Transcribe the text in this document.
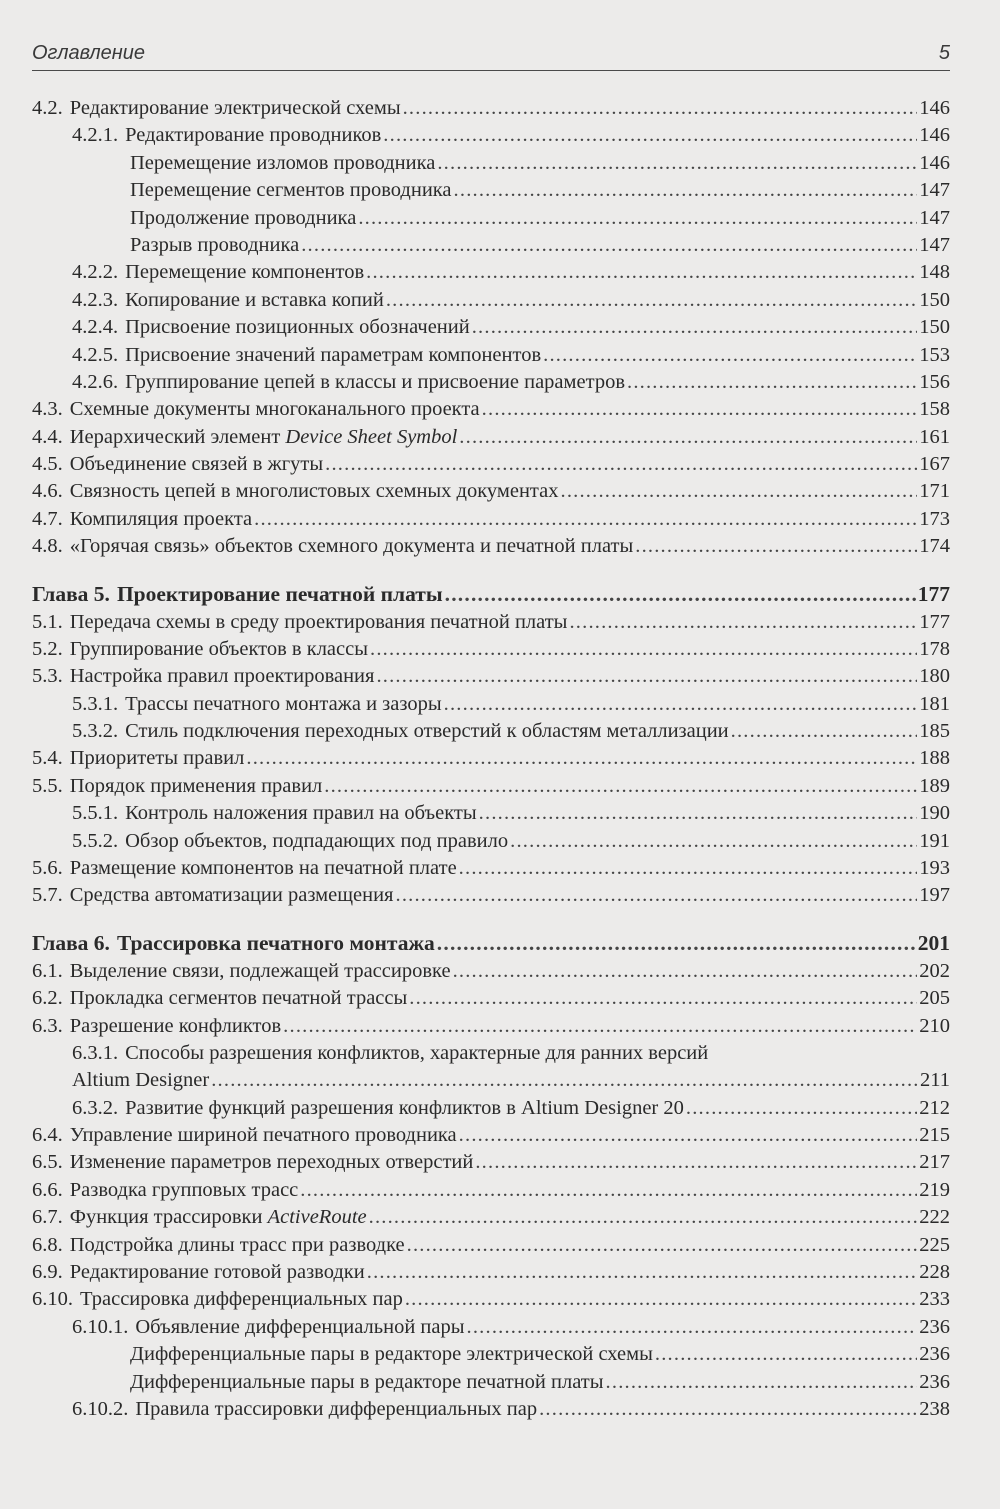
Оглавление	5
4.2. Редактирование электрической схемы .....	146
4.2.1. Редактирование проводников .....	146
Перемещение изломов проводника .....	146
Перемещение сегментов проводника .....	147
Продолжение проводника .....	147
Разрыв проводника .....	147
4.2.2. Перемещение компонентов .....	148
4.2.3. Копирование и вставка копий .....	150
4.2.4. Присвоение позиционных обозначений .....	150
4.2.5. Присвоение значений параметрам компонентов .....	153
4.2.6. Группирование цепей в классы и присвоение параметров .....	156
4.3. Схемные документы многоканального проекта .....	158
4.4. Иерархический элемент
Device Sheet Symbol .....	161
4.5. Объединение связей в жгуты .....	167
4.6. Связность цепей в многолистовых схемных документах .....	171
4.7. Компиляция проекта .....	173
4.8. «Горячая связь» объектов схемного документа и печатной платы .....	174
Глава 5. Проектирование печатной платы .....	177
5.1. Передача схемы в среду проектирования печатной платы .....	177
5.2. Группирование объектов в классы .....	178
5.3. Настройка правил проектирования .....	180
5.3.1. Трассы печатного монтажа и зазоры .....	181
5.3.2. Стиль подключения переходных отверстий к областям металлизации .....	185
5.4. Приоритеты правил .....	188
5.5. Порядок применения правил .....	189
5.5.1. Контроль наложения правил на объекты .....	190
5.5.2. Обзор объектов, подпадающих под правило .....	191
5.6. Размещение компонентов на печатной плате .....	193
5.7. Средства автоматизации размещения .....	197
Глава 6. Трассировка печатного монтажа .....	201
6.1. Выделение связи, подлежащей трассировке .....	202
6.2. Прокладка сегментов печатной трассы .....	205
6.3. Разрешение конфликтов .....	210
6.3.1. Способы разрешения конфликтов, характерные для ранних версий
Altium Designer .....	211
6.3.2. Развитие функций разрешения конфликтов в Altium Designer 20 .....	212
6.4. Управление шириной печатного проводника .....	215
6.5. Изменение параметров переходных отверстий .....	217
6.6. Разводка групповых трасс .....	219
6.7. Функция трассировки
ActiveRoute .....	222
6.8. Подстройка длины трасс при разводке .....	225
6.9. Редактирование готовой разводки .....	228
6.10. Трассировка дифференциальных пар .....	233
6.10.1. Объявление дифференциальной пары .....	236
Дифференциальные пары в редакторе электрической схемы .....	236
Дифференциальные пары в редакторе печатной платы .....	236
6.10.2. Правила трассировки дифференциальных пар .....	238
